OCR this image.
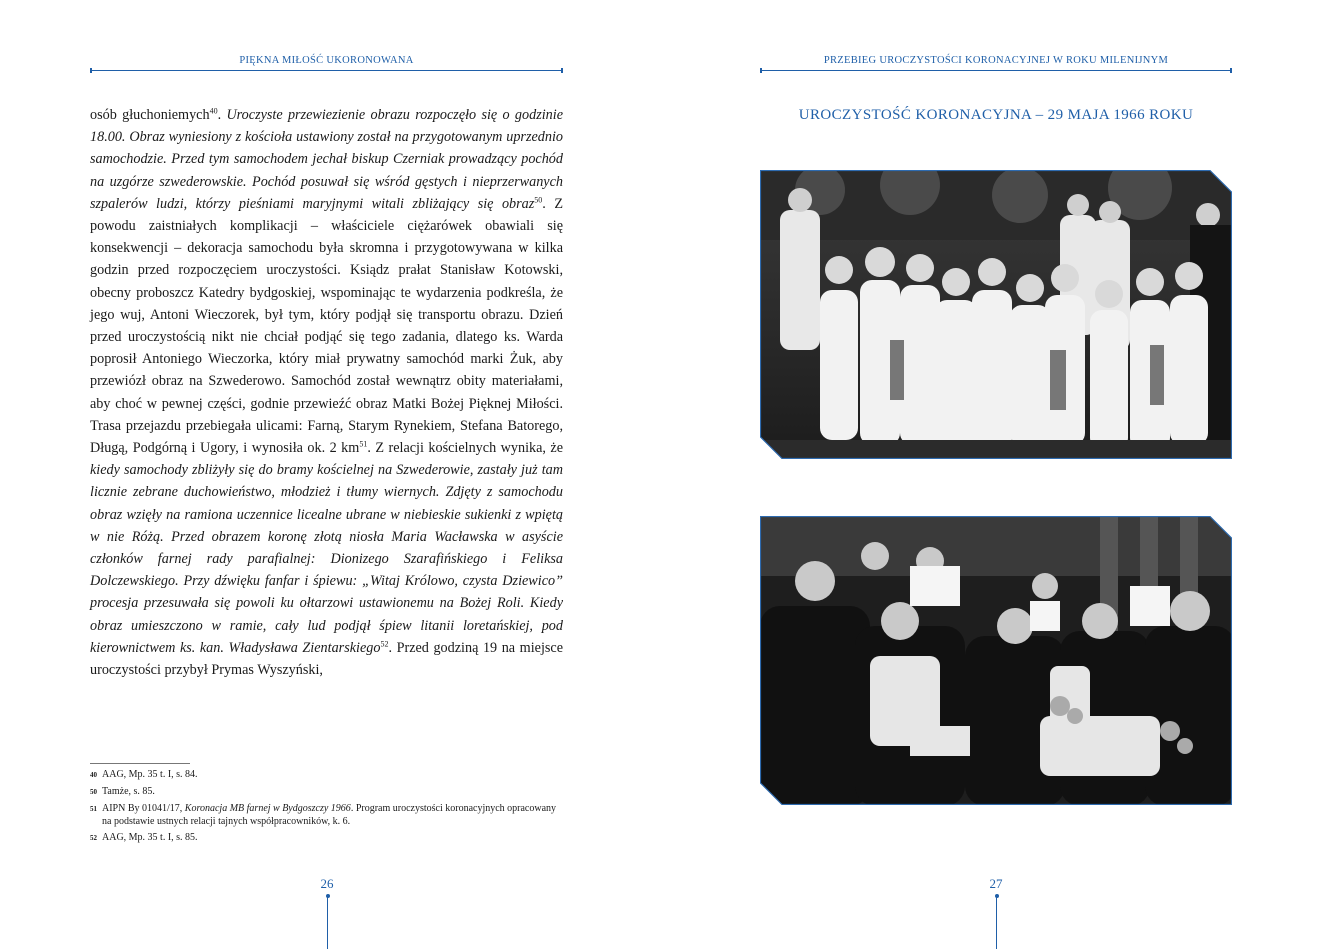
PIĘKNA MIŁOŚĆ UKORONOWANA

osób głuchoniemych$^{40}$. Uroczyste przewiezienie obrazu rozpoczęło się o godzinie 18.00. Obraz wyniesiony z kościoła ustawiony został na przygotowanym uprzednio samochodzie. Przed tym samochodem jechał biskup Czerniak prowadzący pochód na uzgórze szwederowskie. Pochód posuwał się wśród gęstych i nieprzerwanych szpalerów ludzi, którzy pieśniami maryjnymi witali zbliżający się obraz$^{50}$. Z powodu zaistniałych komplikacji – właściciele ciężarówek obawiali się konsekwencji – dekoracja samochodu była skromna i przygotowywana w kilka godzin przed rozpoczęciem uroczystości. Ksiądz prałat Stanisław Kotowski, obecny proboszcz Katedry bydgoskiej, wspominając te wydarzenia podkreśla, że jego wuj, Antoni Wieczorek, był tym, który podjął się transportu obrazu. Dzień przed uroczystością nikt nie chciał podjąć się tego zadania, dlatego ks. Warda poprosił Antoniego Wieczorka, który miał prywatny samochód marki Żuk, aby przewiózł obraz na Szwederowo. Samochód został wewnątrz obity materiałami, aby choć w pewnej części, godnie przewieźć obraz Matki Bożej Pięknej Miłości. Trasa przejazdu przebiegała ulicami: Farną, Starym Rynekiem, Stefana Batorego, Długą, Podgórną i Ugory, i wynosiła ok. 2 $km^{51}$. Z relacji kościelnych wynika, że kiedy samochody zbliżyły się do bramy kościelnej na Szwederowie, zastały już tam licznie zebrane duchowieństwo, młodzież i tłumy wiernych. Zdjęty z samochodu obraz wzięły na ramiona uczennice licealne ubrane w niebieskie sukienki z wpiętą w nie Różą. Przed obrazem koronę złotą niosła Maria Wacławska w asyście członków farnej rady parafialnej: Dionizego Szarafińskiego i Feliksa Dolczewskiego. Przy dźwięku fanfar i śpiewu: „Witaj Królowo, czysta Dziewico” procesja przesuwała się powoli ku ołtarzowi ustawionemu na Bożej Roli. Kiedy obraz umieszczono w ramie, cały lud podjął śpiew litanii loretańskiej, pod kierownictwem ks. kan. Władysława Zientarskiego$^{52}$. Przed godziną 19 na miejsce uroczystości przybył Prymas Wyszyński,

40 AAG, Mp. 35 t. I, s. 84.
50 Tamże, s. 85.
51 AIPN By 01041/17, Koronacja MB farnej w Bydgoszczy 1966. Program uroczystości koronacyjnych opracowany na podstawie ustnych relacji tajnych współpracowników, k. 6.
52 AAG, Mp. 35 t. I, s. 85.
26
PRZEBIEG UROCZYSTOŚCI KORONACYJNEJ W ROKU MILENIJNYM
UROCZYSTOŚĆ KORONACYJNA – 29 MAJA 1966 ROKU
27
